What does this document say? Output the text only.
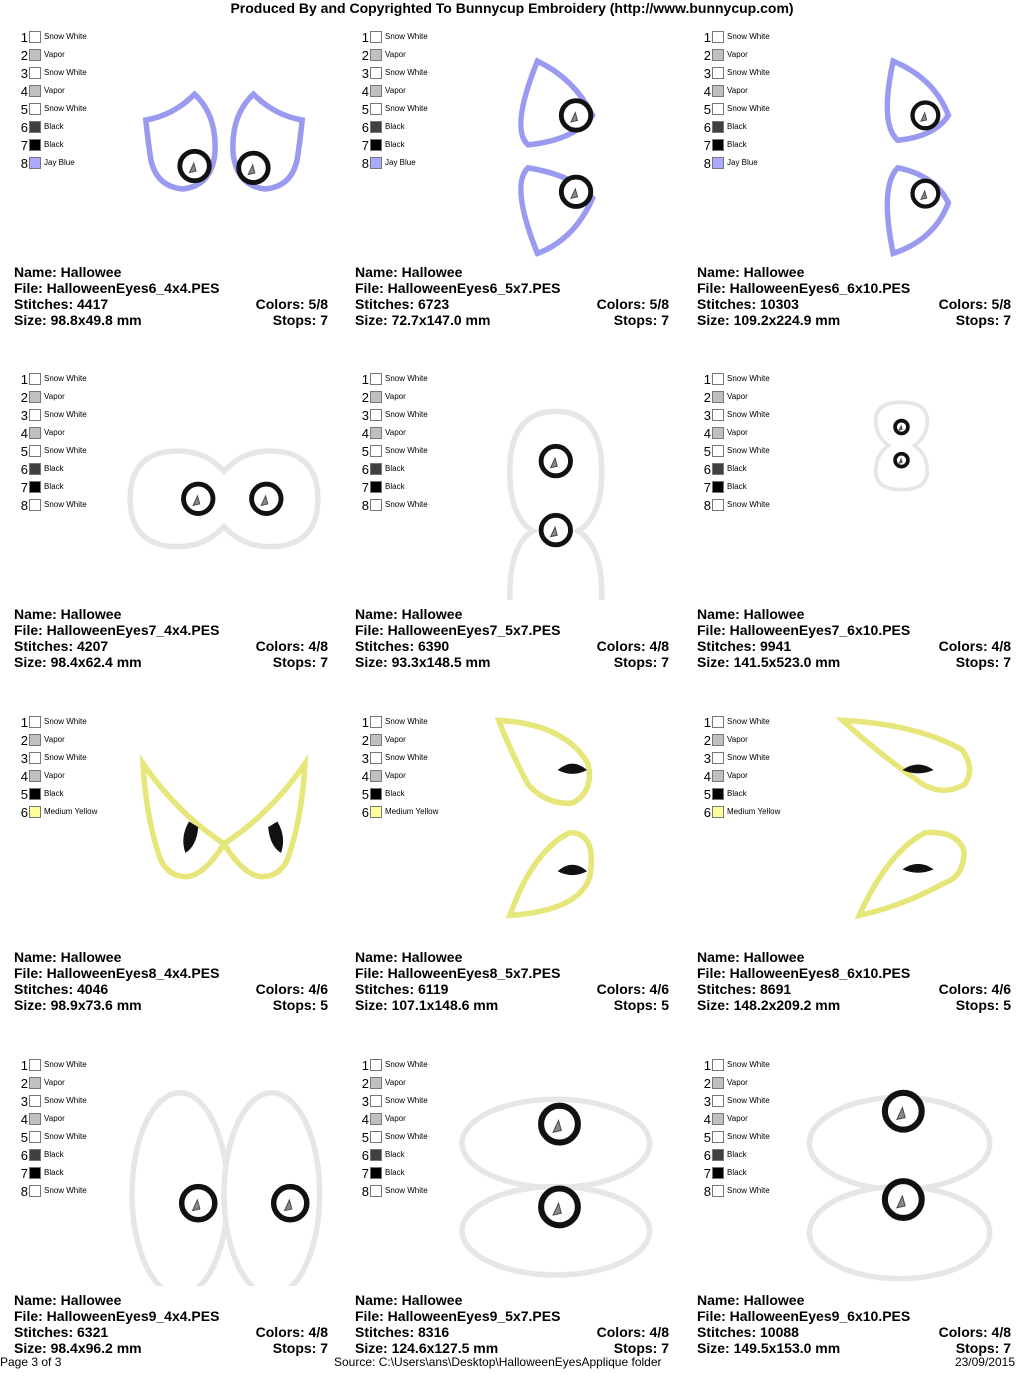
Produced By and Copyrighted To Bunnycup Embroidery (http://www.bunnycup.com)
1 Snow White
2 Vapor
3 Snow White
4 Vapor
5 Snow White
6 Black
7 Black
8 Jay Blue
Name: Hallowee
File: HalloweenEyes6_4x4.PES
Stitches: 4417	Colors: 5/8
Size: 98.8x49.8 mm	Stops: 7
1 Snow White
2 Vapor
3 Snow White
4 Vapor
5 Snow White
6 Black
7 Black
8 Jay Blue
Name: Hallowee
File: HalloweenEyes6_5x7.PES
Stitches: 6723	Colors: 5/8
Size: 72.7x147.0 mm	Stops: 7
1 Snow White
2 Vapor
3 Snow White
4 Vapor
5 Snow White
6 Black
7 Black
8 Jay Blue
Name: Hallowee
File: HalloweenEyes6_6x10.PES
Stitches: 10303	Colors: 5/8
Size: 109.2x224.9 mm	Stops: 7
1 Snow White
2 Vapor
3 Snow White
4 Vapor
5 Snow White
6 Black
7 Black
8 Snow White
Name: Hallowee
File: HalloweenEyes7_4x4.PES
Stitches: 4207	Colors: 4/8
Size: 98.4x62.4 mm	Stops: 7
1 Snow White
2 Vapor
3 Snow White
4 Vapor
5 Snow White
6 Black
7 Black
8 Snow White
Name: Hallowee
File: HalloweenEyes7_5x7.PES
Stitches: 6390	Colors: 4/8
Size: 93.3x148.5 mm	Stops: 7
1 Snow White
2 Vapor
3 Snow White
4 Vapor
5 Snow White
6 Black
7 Black
8 Snow White
Name: Hallowee
File: HalloweenEyes7_6x10.PES
Stitches: 9941	Colors: 4/8
Size: 141.5x523.0 mm	Stops: 7
1 Snow White
2 Vapor
3 Snow White
4 Vapor
5 Black
6 Medium Yellow
Name: Hallowee
File: HalloweenEyes8_4x4.PES
Stitches: 4046	Colors: 4/6
Size: 98.9x73.6 mm	Stops: 5
1 Snow White
2 Vapor
3 Snow White
4 Vapor
5 Black
6 Medium Yellow
Name: Hallowee
File: HalloweenEyes8_5x7.PES
Stitches: 6119	Colors: 4/6
Size: 107.1x148.6 mm	Stops: 5
1 Snow White
2 Vapor
3 Snow White
4 Vapor
5 Black
6 Medium Yellow
Name: Hallowee
File: HalloweenEyes8_6x10.PES
Stitches: 8691	Colors: 4/6
Size: 148.2x209.2 mm	Stops: 5
1 Snow White
2 Vapor
3 Snow White
4 Vapor
5 Snow White
6 Black
7 Black
8 Snow White
Name: Hallowee
File: HalloweenEyes9_4x4.PES
Stitches: 6321	Colors: 4/8
Size: 98.4x96.2 mm	Stops: 7
1 Snow White
2 Vapor
3 Snow White
4 Vapor
5 Snow White
6 Black
7 Black
8 Snow White
Name: Hallowee
File: HalloweenEyes9_5x7.PES
Stitches: 8316	Colors: 4/8
Size: 124.6x127.5 mm	Stops: 7
1 Snow White
2 Vapor
3 Snow White
4 Vapor
5 Snow White
6 Black
7 Black
8 Snow White
Name: Hallowee
File: HalloweenEyes9_6x10.PES
Stitches: 10088	Colors: 4/8
Size: 149.5x153.0 mm	Stops: 7
Page 3 of 3	Source: C:\Users\ans\Desktop\HalloweenEyesApplique folder	23/09/2015
